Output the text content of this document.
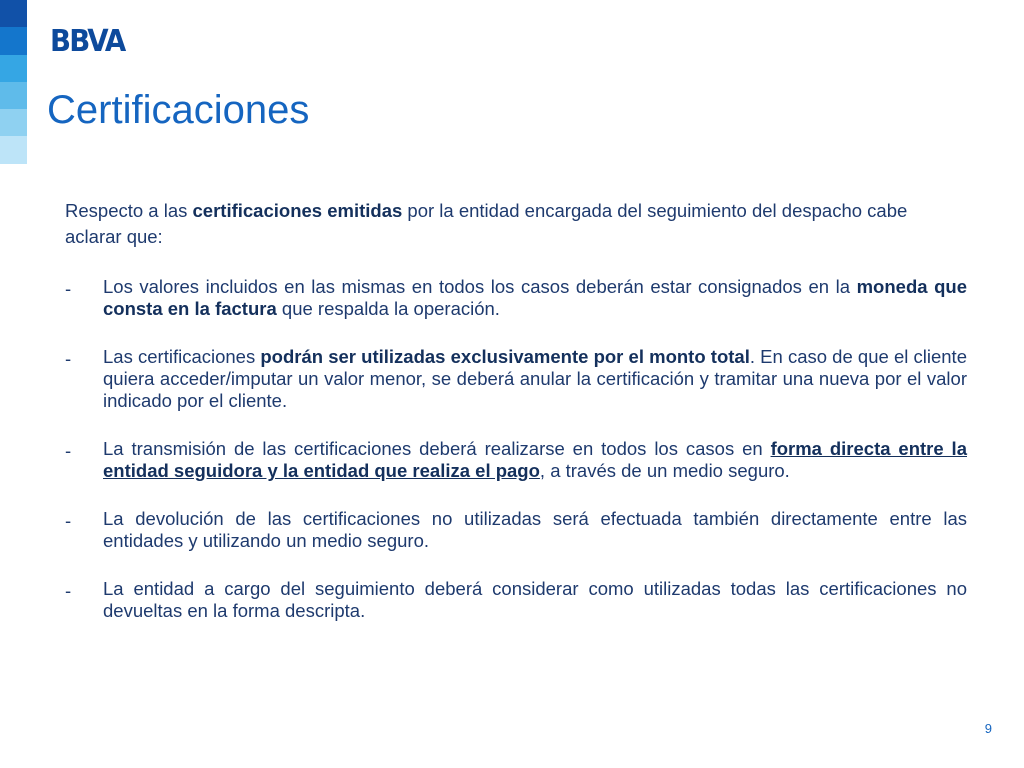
BBVA
Certificaciones

Respecto a las certificaciones emitidas por la entidad encargada del seguimiento del despacho cabe aclarar que:

-	Los valores incluidos en las mismas en todos los casos deberán estar consignados en la moneda que consta en la factura que respalda la operación.
-	Las certificaciones podrán ser utilizadas exclusivamente por el monto total. En caso de que el cliente quiera acceder/imputar un valor menor, se deberá anular la certificación y tramitar una nueva por el valor indicado por el cliente.
-	La transmisión de las certificaciones deberá realizarse en todos los casos en forma directa entre la entidad seguidora y la entidad que realiza el pago, a través de un medio seguro.
-	La devolución de las certificaciones no utilizadas será efectuada también directamente entre las entidades y utilizando un medio seguro.
-	La entidad a cargo del seguimiento deberá considerar como utilizadas todas las certificaciones no devueltas en la forma descripta.
9
